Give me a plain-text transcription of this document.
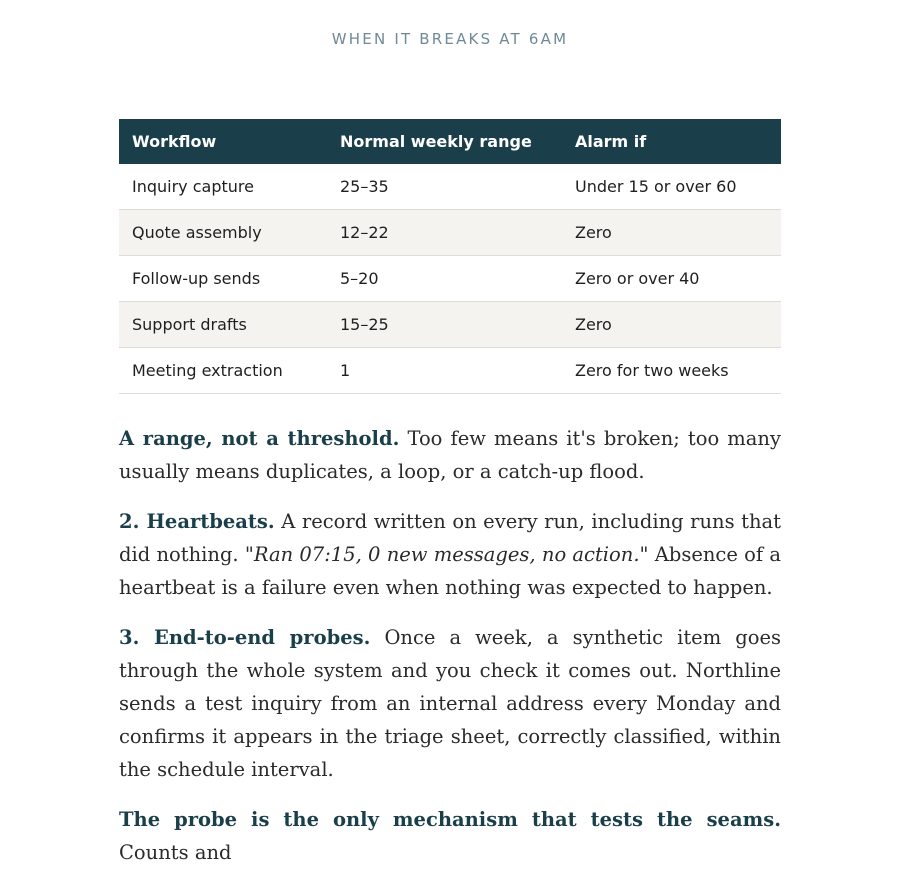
WHEN IT BREAKS AT 6AM
Workflow	Normal weekly range	Alarm if
Inquiry capture	25–35	Under 15 or over 60
Quote assembly	12–22	Zero
Follow-up sends	5–20	Zero or over 40
Support drafts	15–25	Zero
Meeting extraction	1	Zero for two weeks

A range, not a threshold. Too few means it's broken; too many usually means duplicates, a loop, or a catch-up flood.

2. Heartbeats. A record written on every run, including runs that did nothing. "Ran 07:15, 0 new messages, no action." Absence of a heartbeat is a failure even when nothing was expected to happen.

3. End-to-end probes. Once a week, a synthetic item goes through the whole system and you check it comes out. Northline sends a test inquiry from an internal address every Monday and confirms it appears in the triage sheet, correctly classified, within the schedule interval.

The probe is the only mechanism that tests the seams. Counts and
